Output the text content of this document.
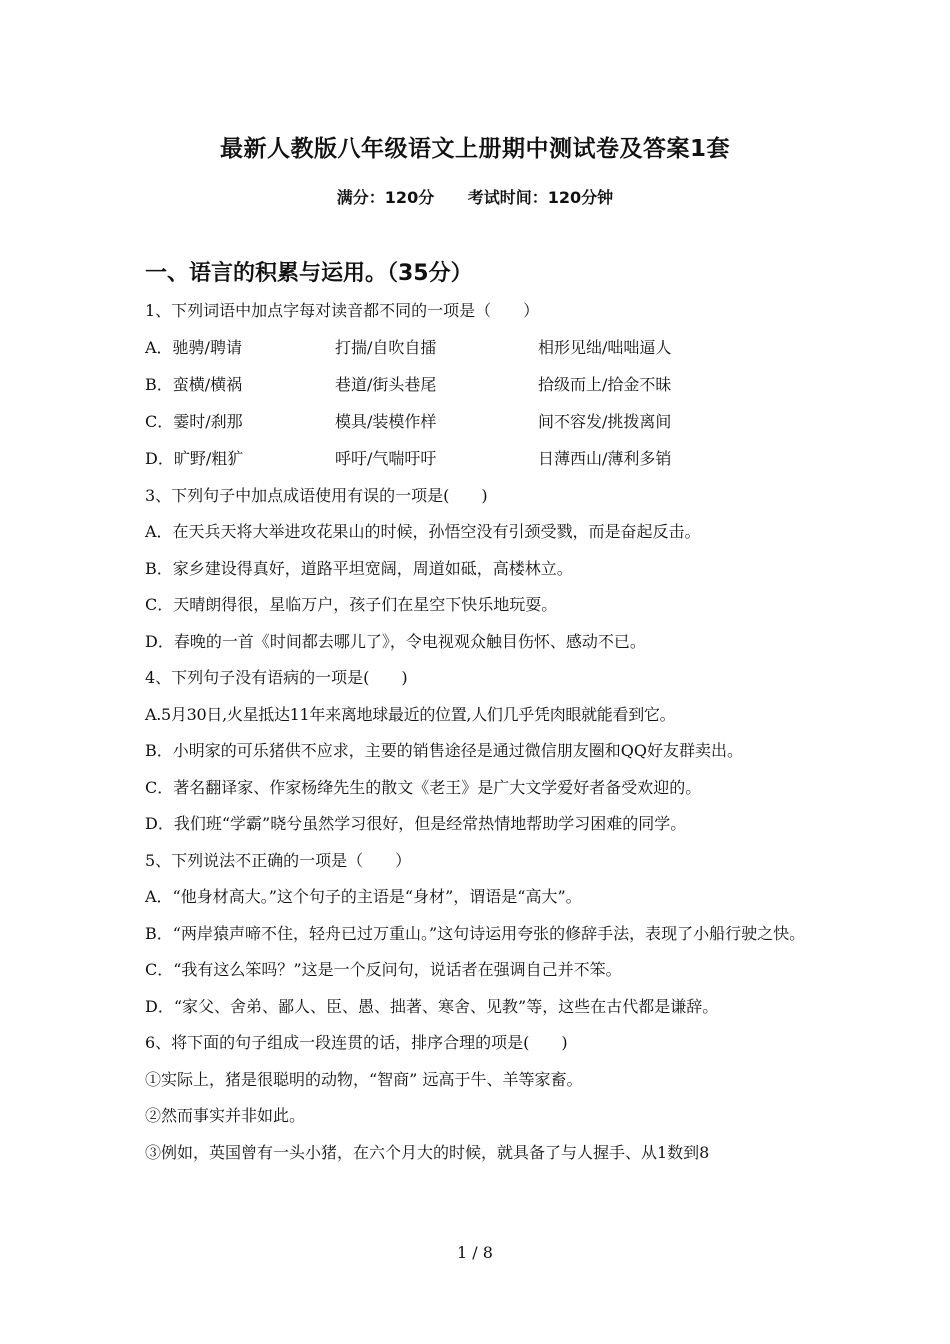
最新人教版八年级语文上册期中测试卷及答案1套
满分：120分 考试时间：120分钟
一、语言的积累与运用。（35分）
1、下列词语中加点字每对读音都不同的一项是（　　）
A．驰骋/聘请	打揣/自吹自擂	相形见绌/咄咄逼人
B．蛮横/横祸	巷道/街头巷尾	拾级而上/拾金不昧
C．霎时/刹那	模具/装模作样	间不容发/挑拨离间
D．旷野/粗犷	呼吁/气喘吁吁	日薄西山/薄利多销
3、下列句子中加点成语使用有误的一项是(　　)
A．在天兵天将大举进攻花果山的时候，孙悟空没有引颈受戮，而是奋起反击。
B．家乡建设得真好，道路平坦宽阔，周道如砥，高楼林立。
C．天晴朗得很，星临万户，孩子们在星空下快乐地玩耍。
D．春晚的一首《时间都去哪儿了》，令电视观众触目伤怀、感动不已。
4、下列句子没有语病的一项是(　　)
A.5月30日,火星抵达11年来离地球最近的位置,人们几乎凭肉眼就能看到它。
B．小明家的可乐猪供不应求，主要的销售途径是通过微信朋友圈和QQ好友群卖出。
C．著名翻译家、作家杨绛先生的散文《老王》是广大文学爱好者备受欢迎的。
D．我们班“学霸”晓兮虽然学习很好，但是经常热情地帮助学习困难的同学。
5、下列说法不正确的一项是（　　）
A．“他身材高大。”这个句子的主语是“身材”，谓语是“高大”。
B．“两岸猿声啼不住，轻舟已过万重山。”这句诗运用夸张的修辞手法，表现了小船行驶之快。
C．“我有这么笨吗？”这是一个反问句，说话者在强调自己并不笨。
D．“家父、舍弟、鄙人、臣、愚、拙著、寒舍、见教”等，这些在古代都是谦辞。
6、将下面的句子组成一段连贯的话，排序合理的项是(　　)
①实际上，猪是很聪明的动物，“智商” 远高于牛、羊等家畜。
②然而事实并非如此。
③例如，英国曾有一头小猪，在六个月大的时候，就具备了与人握手、从1数到8
1 / 8
